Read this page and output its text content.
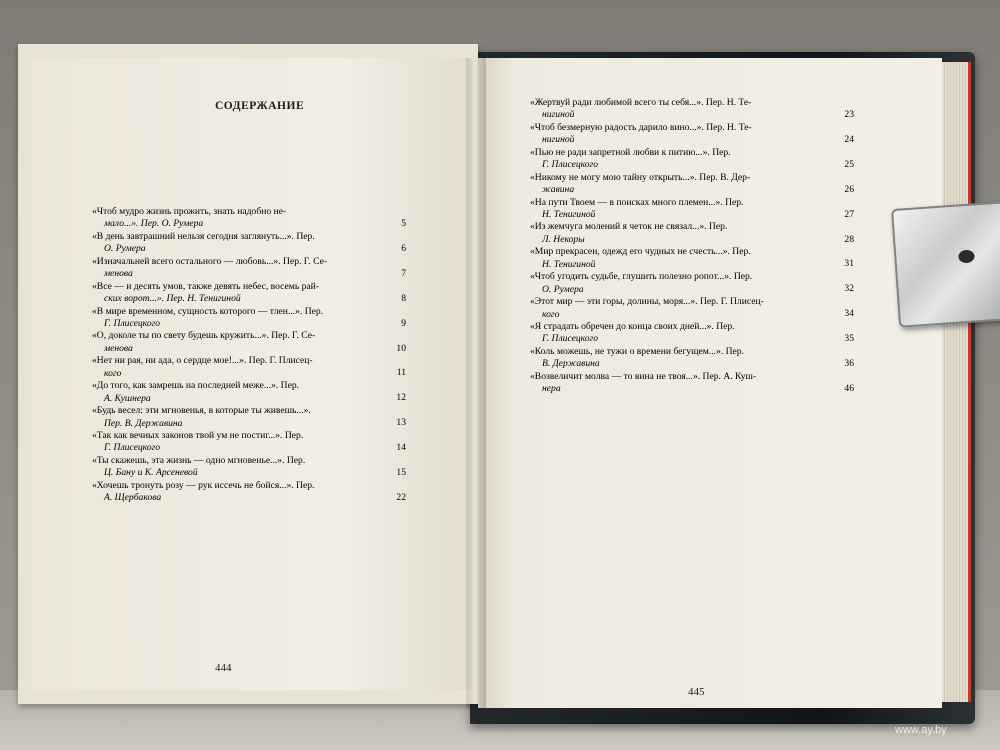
СОДЕРЖАНИЕ
«Чтоб мудро жизнь прожить, знать надобно не-
мало...». Пер. О. Румера	5
«В день завтрашний нельзя сегодня заглянуть...». Пер.
О. Румера	6
«Изначальней всего остального — любовь...». Пер. Г. Се-
менова	7
«Все — и десять умов, также девять небес, восемь рай-
ских ворот...». Пер. Н. Тенигиной	8
«В мире временном, сущность которого — тлен...». Пер.
Г. Плисецкого	9
«О, доколе ты по свету будешь кружить...». Пер. Г. Се-
менова	10
«Нет ни рая, ни ада, о сердце мое!...». Пер. Г. Плисец-
кого	11
«До того, как замрешь на последней меже...». Пер.
А. Кушнера	12
«Будь весел: эти мгновенья, в которые ты живешь...».
Пер. В. Державина	13
«Так как вечных законов твой ум не постиг...». Пер.
Г. Плисецкого	14
«Ты скажешь, эта жизнь — одно мгновенье...». Пер.
Ц. Бану и К. Арсеневой	15
«Хочешь тронуть розу — рук иссечь не бойся...». Пер.
А. Щербакова	22
«Жертвуй ради любимой всего ты себя...». Пер. Н. Те-
нигиной	23
«Чтоб безмерную радость дарило вино...». Пер. Н. Те-
нигиной	24
«Пью не ради запретной любви к питию...». Пер.
Г. Плисецкого	25
«Никому не могу мою тайну открыть...». Пер. В. Дер-
жавина	26
«На пути Твоем — в поисках много племен...». Пер.
Н. Тенигиной	27
«Из жемчуга молений я четок не связал...». Пер.
Л. Некоры	28
«Мир прекрасен, одежд его чудных не счесть...». Пер.
Н. Тенигиной	31
«Чтоб угодить судьбе, глушить полезно ропот...». Пер.
О. Румера	32
«Этот мир — эти горы, долины, моря...». Пер. Г. Плисец-
кого	34
«Я страдать обречен до конца своих дней...». Пер.
Г. Плисецкого	35
«Коль можешь, не тужи о времени бегущем...». Пер.
В. Державина	36
«Возвеличит молва — то вина не твоя...». Пер. А. Куш-
нера	46
444
445
www.ay.by
